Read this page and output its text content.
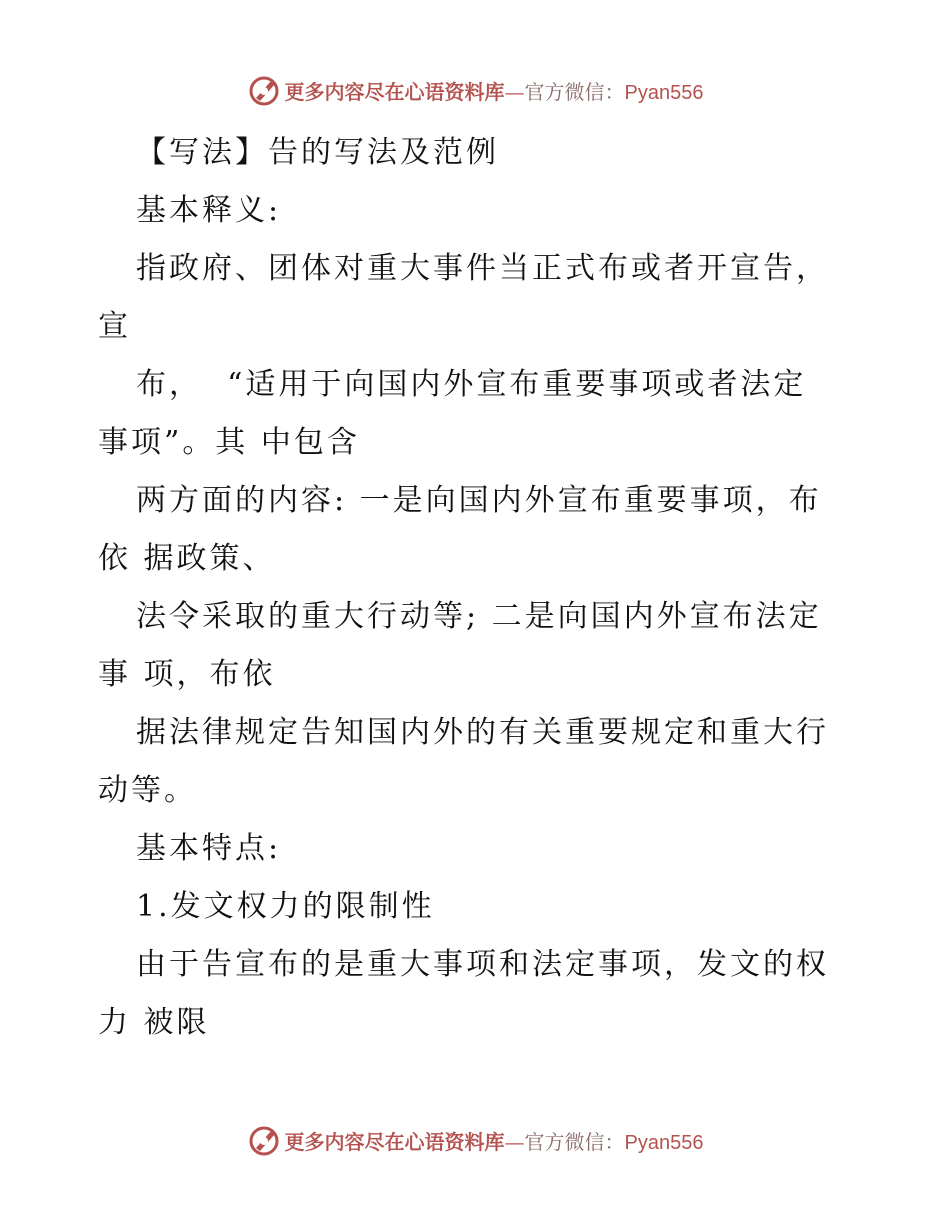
更多内容尽在心语资料库—官方微信：Pyan556
【写法】告的写法及范例
基本释义:
指政府、团体对重大事件当正式布或者开宣告，
宣
布，  “适用于向国内外宣布重要事项或者法定
事项”。其 中包含
两方面的内容: 一是向国内外宣布重要事项，布
依 据政策、
法令采取的重大行动等; 二是向国内外宣布法定
事 项，布依
据法律规定告知国内外的有关重要规定和重大行
动等。
基本特点:
1.发文权力的限制性
由于告宣布的是重大事项和法定事项，发文的权
力 被限
更多内容尽在心语资料库—官方微信：Pyan556
